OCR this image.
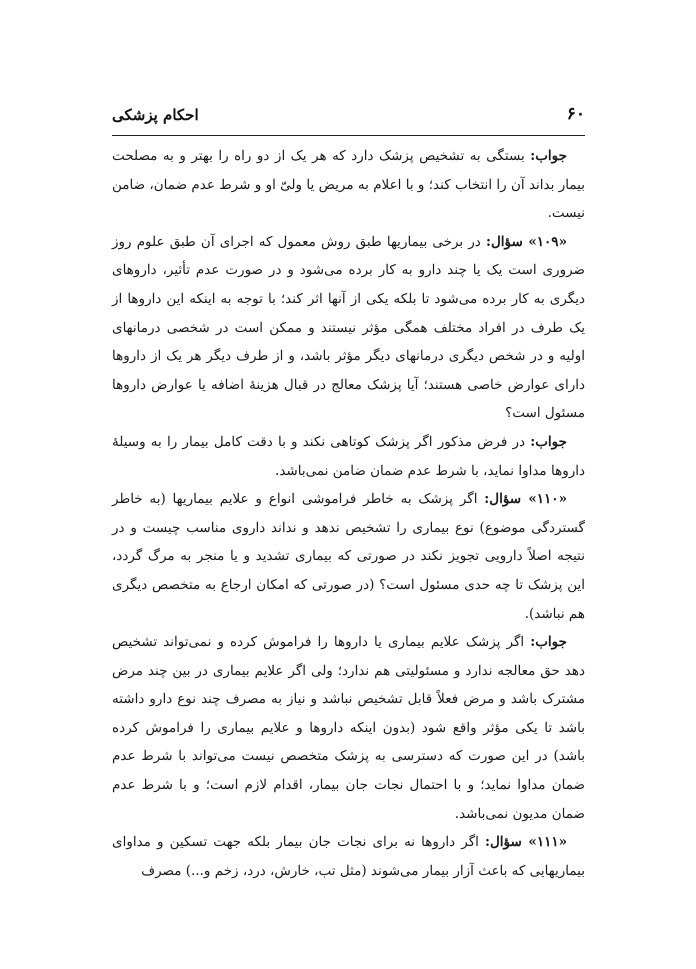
۶۰
احکام پزشکی

جواب: بستگی به تشخیص پزشک دارد که هر یک از دو راه را بهتر و به مصلحت بیمار بداند آن را انتخاب کند؛ و با اعلام به مریض یا ولیّ او و شرط عدم ضمان، ضامن نیست.

«۱۰۹» سؤال: در برخی بیماریها طبق روش معمول که اجرای آن طبق علوم روز ضروری است یک یا چند دارو به کار برده می‌شود و در صورت عدم تأثیر، داروهای دیگری به کار برده می‌شود تا بلکه یکی از آنها اثر کند؛ با توجه به اینکه این داروها از یک طرف در افراد مختلف همگی مؤثر نیستند و ممکن است در شخصی درمانهای اولیه و در شخص دیگری درمانهای دیگر مؤثر باشد، و از طرف دیگر هر یک از داروها دارای عوارض خاصی هستند؛ آیا پزشک معالج در قبال هزینهٔ اضافه یا عوارض داروها مسئول است؟

جواب: در فرض مذکور اگر پزشک کوتاهی نکند و با دقت کامل بیمار را به وسیلهٔ داروها مداوا نماید، با شرط عدم ضمان ضامن نمی‌باشد.

«۱۱۰» سؤال: اگر پزشک به خاطر فراموشی انواع و علایم بیماریها (به خاطر گستردگی موضوع) نوع بیماری را تشخیص ندهد و نداند داروی مناسب چیست و در نتیجه اصلاً دارویی تجویز نکند در صورتی که بیماری تشدید و یا منجر به مرگ گردد، این پزشک تا چه حدی مسئول است؟ (در صورتی که امکان ارجاع به متخصص دیگری هم نباشد).

جواب: اگر پزشک علایم بیماری یا داروها را فراموش کرده و نمی‌تواند تشخیص دهد حق معالجه ندارد و مسئولیتی هم ندارد؛ ولی اگر علایم بیماری در بین چند مرض مشترک باشد و مرض فعلاً قابل تشخیص نباشد و نیاز به مصرف چند نوع دارو داشته باشد تا یکی مؤثر واقع شود (بدون اینکه داروها و علایم بیماری را فراموش کرده باشد) در این صورت که دسترسی به پزشک متخصص نیست می‌تواند با شرط عدم ضمان مداوا نماید؛ و با احتمال نجات جان بیمار، اقدام لازم است؛ و با شرط عدم ضمان مدیون نمی‌باشد.

«۱۱۱» سؤال: اگر داروها نه برای نجات جان بیمار بلکه جهت تسکین و مداوای بیماریهایی که باعث آزار بیمار می‌شوند (مثل تب، خارش، درد، زخم و...) مصرف
